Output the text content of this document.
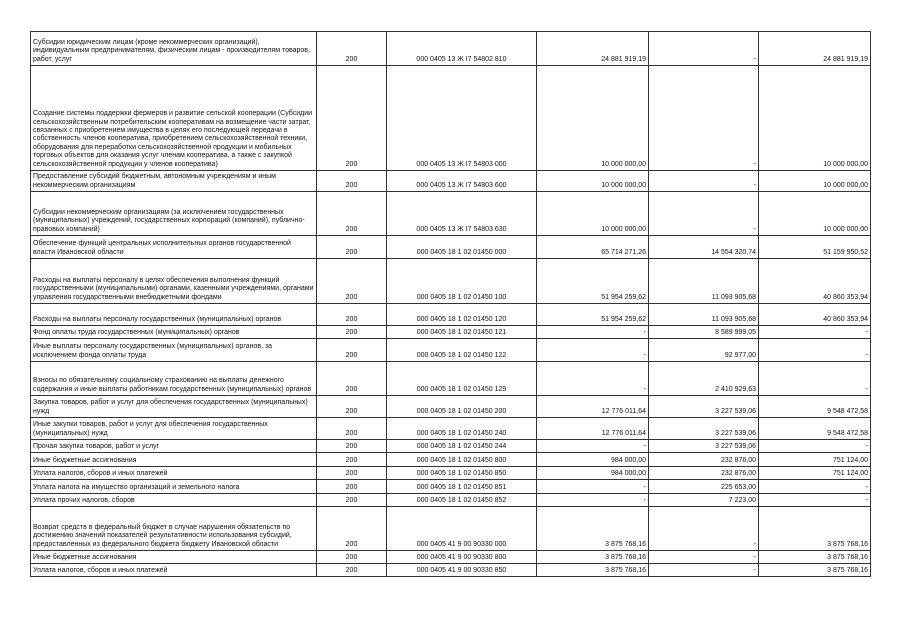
Субсидии юридическим лицам (кроме некоммерческих организаций), индивидуальным предпринимателям, физическим лицам - производителям товаров, работ, услуг	200	000 0405 13 Ж I7 54802 810	24 881 919,19	-	24 881 919,19

Создание системы поддержки фермеров и развитие сельской кооперации (Субсидии сельскохозяйственным потребительским кооперативам на возмещение части затрат, связанных с приобретением имущества в целях его последующей передачи в собственность членов кооператива, приобретением сельскохозяйственной техники, оборудования для переработки сельскохозяйственной продукции и мобильных торговых объектов для оказания услуг членам кооператива, а также с закупкой сельскохозяйственной продукции у членов кооператива)	200	000 0405 13 Ж I7 54803 000	10 000 000,00	-	10 000 000,00

Предоставление субсидий бюджетным, автономным учреждениям и иным некоммерческим организациям	200	000 0405 13 Ж I7 54803 600	10 000 000,00	-	10 000 000,00

Субсидии некоммерческим организациям (за исключением государственных (муниципальных) учреждений, государственных корпораций (компаний), публично-правовых компаний)	200	000 0405 13 Ж I7 54803 630	10 000 000,00	-	10 000 000,00

Обеспечение функций центральных исполнительных органов государственной власти Ивановской области	200	000 0405 18 1 02 01450 000	65 714 271,26	14 554 320,74	51 159 950,52

Расходы на выплаты персоналу в целях обеспечения выполнения функций государственными (муниципальными) органами, казенными учреждениями, органами управления государственными внебюджетными фондами	200	000 0405 18 1 02 01450 100	51 954 259,62	11 093 905,68	40 860 353,94

Расходы на выплаты персоналу государственных (муниципальных) органов	200	000 0405 18 1 02 01450 120	51 954 259,62	11 093 905,68	40 860 353,94

Фонд оплаты труда государственных (муниципальных) органов	200	000 0405 18 1 02 01450 121	-	8 589 999,05	-

Иные выплаты персоналу государственных (муниципальных) органов, за исключением фонда оплаты труда	200	000 0405 18 1 02 01450 122	-	92 977,00	-

Взносы по обязательному социальному страхованию на выплаты денежного содержания и иные выплаты работникам государственных (муниципальных) органов	200	000 0405 18 1 02 01450 129	-	2 410 929,63	-

Закупка товаров, работ и услуг для обеспечения государственных (муниципальных) нужд	200	000 0405 18 1 02 01450 200	12 776 011,64	3 227 539,06	9 548 472,58

Иные закупки товаров, работ и услуг для обеспечения государственных (муниципальных) нужд	200	000 0405 18 1 02 01450 240	12 776 011,64	3 227 539,06	9 548 472,58

Прочая закупка товаров, работ и услуг	200	000 0405 18 1 02 01450 244	-	3 227 539,06	-

Иные бюджетные ассигнования	200	000 0405 18 1 02 01450 800	984 000,00	232 876,00	751 124,00

Уплата налогов, сборов и иных платежей	200	000 0405 18 1 02 01450 850	984 000,00	232 876,00	751 124,00

Уплата налога на имущество организаций и земельного налога	200	000 0405 18 1 02 01450 851	-	225 653,00	-

Уплата прочих налогов, сборов	200	000 0405 18 1 02 01450 852	-	7 223,00	-

Возврат средств в федеральный бюджет в случае нарушения обязательств по достижению значений показателей результативности использования субсидий, предоставленных из федерального бюджета бюджету Ивановской области	200	000 0405 41 9 00 90330 000	3 875 768,16	-	3 875 768,16

Иные бюджетные ассигнования	200	000 0405 41 9 00 90330 800	3 875 768,16	-	3 875 768,16

Уплата налогов, сборов и иных платежей	200	000 0405 41 9 00 90330 850	3 875 768,16	-	3 875 768,16
